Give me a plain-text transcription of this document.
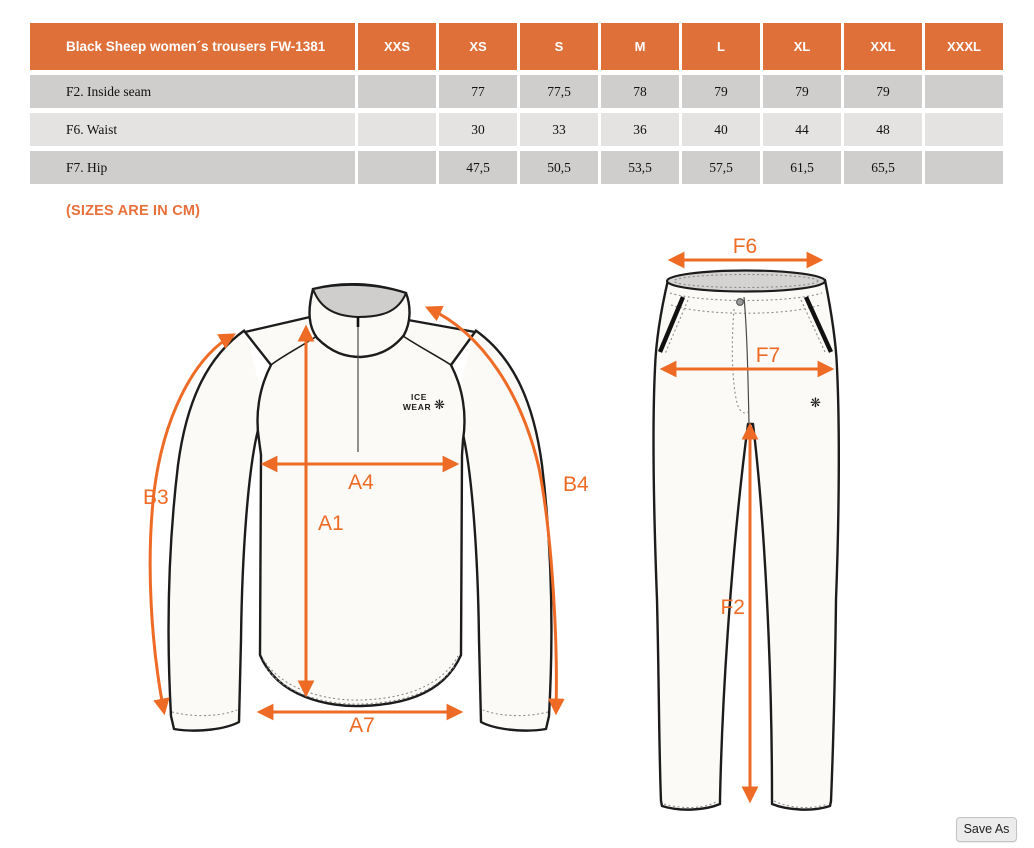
Black Sheep women´s trousers FW-1381	XXS	XS	S	M	L	XL	XXL	XXXL
F2. Inside seam		77	77,5	78	79	79	79	
F6. Waist		30	33	36	40	44	48	
F7. Hip		47,5	50,5	53,5	57,5	61,5	65,5	
(SIZES ARE IN CM)
ICE
WEAR ❋
B3
B4
A4
A1
A7
❋
F6
F7
F2
Save As
